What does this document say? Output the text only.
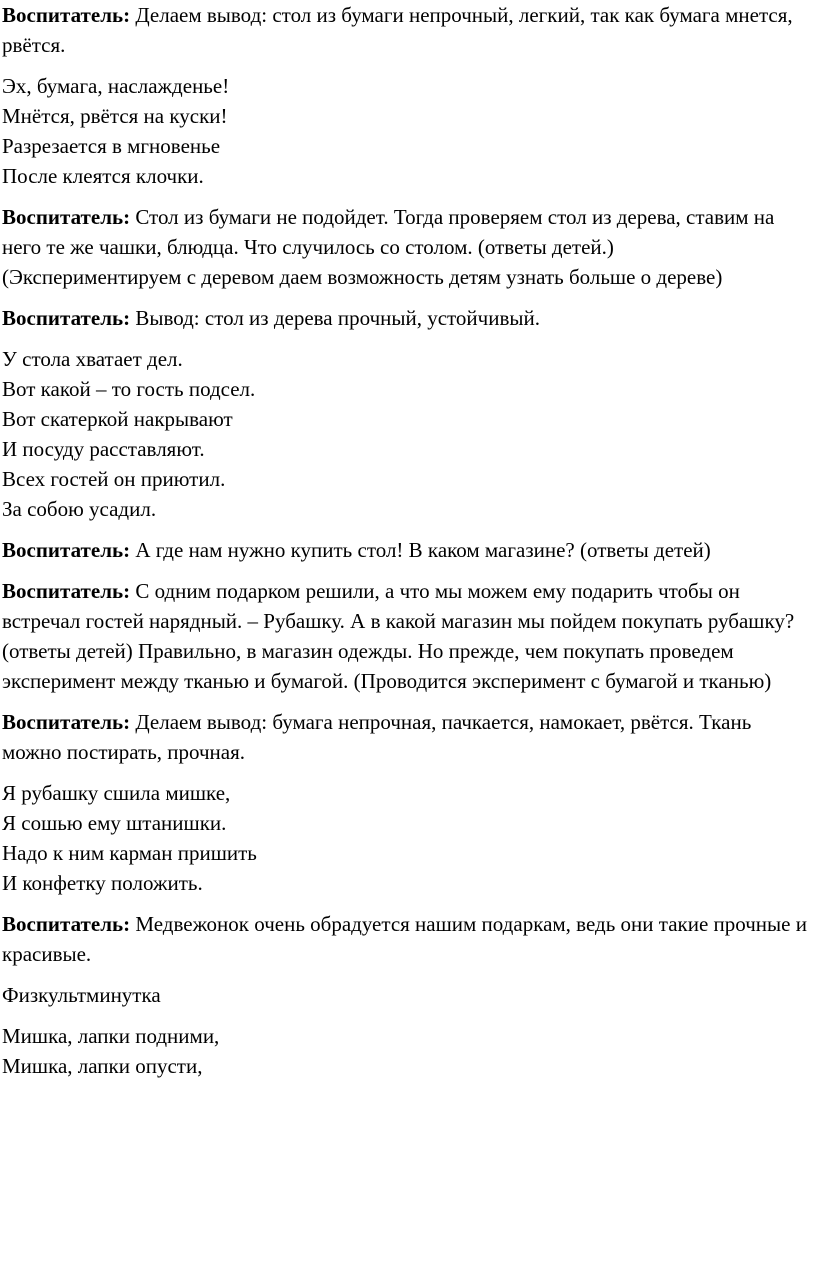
Воспитатель: Делаем вывод: стол из бумаги непрочный, легкий, так как бумага мнется, рвётся.

Эх, бумага, наслажденье!
Мнётся, рвётся на куски!
Разрезается в мгновенье
После клеятся клочки.

Воспитатель: Стол из бумаги не подойдет. Тогда проверяем стол из дерева, ставим на него те же чашки, блюдца. Что случилось со столом. (ответы детей.)
(Экспериментируем с деревом даем возможность детям узнать больше о дереве)

Воспитатель: Вывод: стол из дерева прочный, устойчивый.

У стола хватает дел.
Вот какой – то гость подсел.
Вот скатеркой накрывают
И посуду расставляют.
Всех гостей он приютил.
За собою усадил.

Воспитатель: А где нам нужно купить стол! В каком магазине? (ответы детей)

Воспитатель: С одним подарком решили, а что мы можем ему подарить чтобы он встречал гостей нарядный. – Рубашку. А в какой магазин мы пойдем покупать рубашку? (ответы детей) Правильно, в магазин одежды. Но прежде, чем покупать проведем эксперимент между тканью и бумагой. (Проводится эксперимент с бумагой и тканью)

Воспитатель: Делаем вывод: бумага непрочная, пачкается, намокает, рвётся. Ткань можно постирать, прочная.

Я рубашку сшила мишке,
Я сошью ему штанишки.
Надо к ним карман пришить
И конфетку положить.

Воспитатель: Медвежонок очень обрадуется нашим подаркам, ведь они такие прочные и красивые.

Физкультминутка

Мишка, лапки подними,
Мишка, лапки опусти,
